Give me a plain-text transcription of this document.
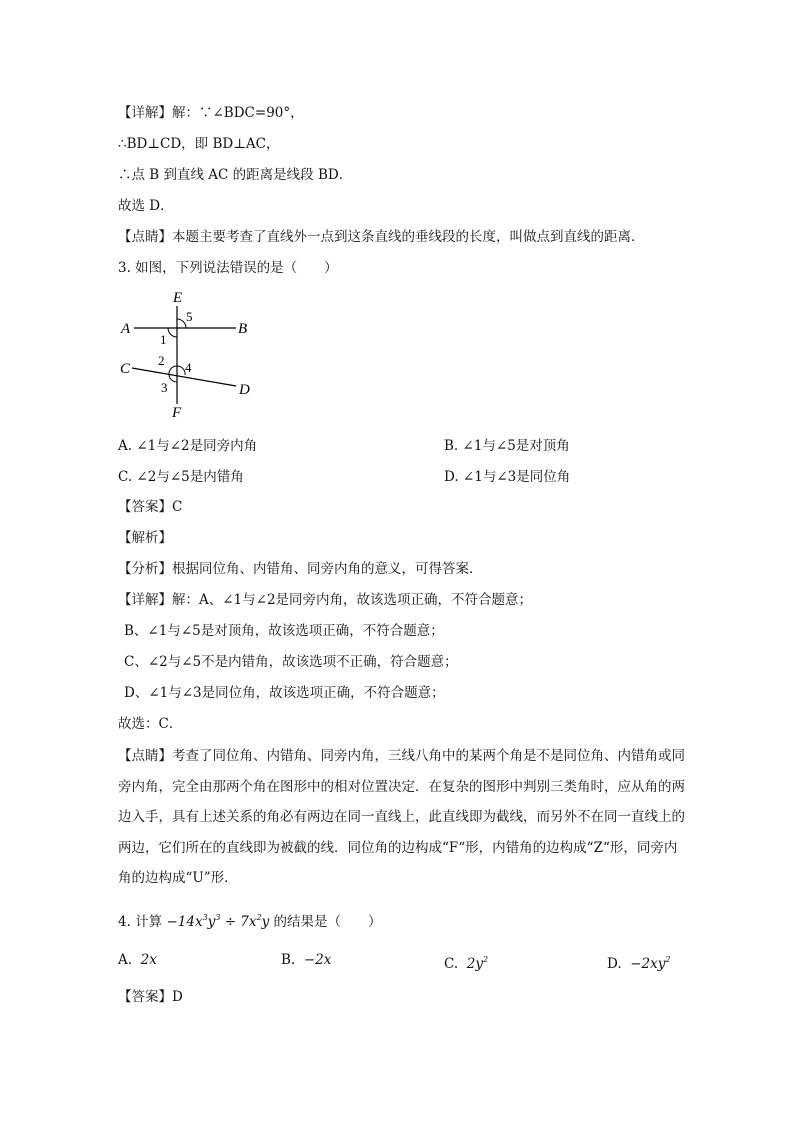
【详解】解：∵∠BDC=90°，
∴BD⊥CD，即 BD⊥AC，
∴点 B 到直线 AC 的距离是线段 BD．
故选 D．
【点睛】本题主要考查了直线外一点到这条直线的垂线段的长度，叫做点到直线的距离．
3. 如图，下列说法错误的是（　　）
E
F
A	B
C
D
1
2
3
4
5
A. ∠1与∠2是同旁内角	B. ∠1与∠5是对顶角
C. ∠2与∠5是内错角	D. ∠1与∠3是同位角
【答案】C
【解析】
【分析】根据同位角、内错角、同旁内角的意义，可得答案．
【详解】解：A、∠1与∠2是同旁内角，故该选项正确，不符合题意；
B、∠1与∠5是对顶角，故该选项正确，不符合题意；
C、∠2与∠5不是内错角，故该选项不正确，符合题意；
D、∠1与∠3是同位角，故该选项正确，不符合题意；
故选：C．
【点睛】考查了同位角、内错角、同旁内角，三线八角中的某两个角是不是同位角、内错角或同旁内角，完全由那两个角在图形中的相对位置决定．在复杂的图形中判别三类角时，应从角的两边入手，具有上述关系的角必有两边在同一直线上，此直线即为截线，而另外不在同一直线上的两边，它们所在的直线即为被截的线．同位角的边构成“F“形，内错角的边构成“Z“形，同旁内角的边构成“U”形．
4. 计算 $-14x^3y^3 \div 7x^2y$ 的结果是（　　）
A. 2x	B. −2x	C. $2y^2$	D. $-2xy^2$
【答案】D
